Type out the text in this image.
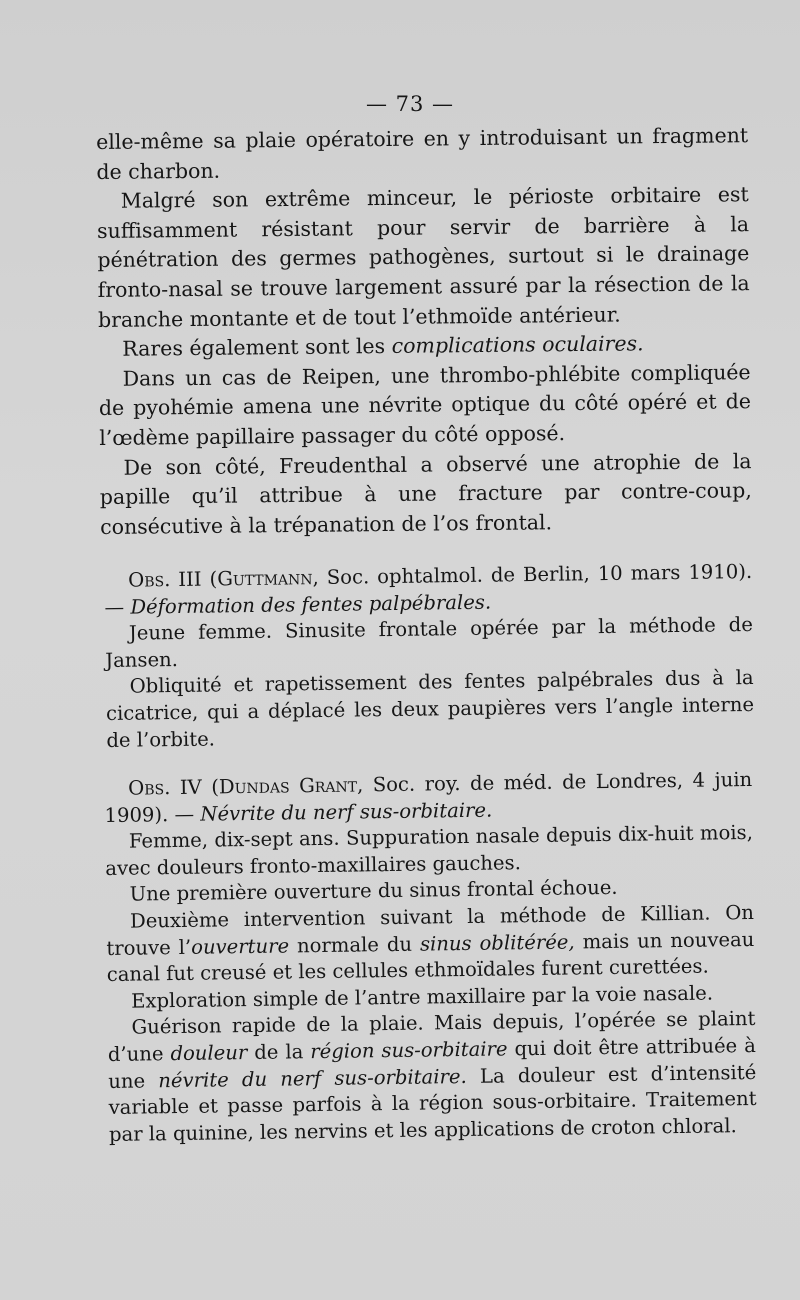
— 73 —

elle-même sa plaie opératoire en y introduisant un fragment de charbon.

Malgré son extrême minceur, le périoste orbitaire est suffisamment résistant pour servir de barrière à la pénétration des germes pathogènes, surtout si le drainage fronto-nasal se trouve largement assuré par la résection de la branche montante et de tout l’ethmoïde antérieur.

Rares également sont les complications oculaires.

Dans un cas de Reipen, une thrombo-phlébite compliquée de pyohémie amena une névrite optique du côté opéré et de l’œdème papillaire passager du côté opposé.

De son côté, Freudenthal a observé une atrophie de la papille qu’il attribue à une fracture par contre-coup, consécutive à la trépanation de l’os frontal.

Obs. III (Guttmann, Soc. ophtalmol. de Berlin, 10 mars 1910). — Déformation des fentes palpébrales.

Jeune femme. Sinusite frontale opérée par la méthode de Jansen.

Obliquité et rapetissement des fentes palpébrales dus à la cicatrice, qui a déplacé les deux paupières vers l’angle interne de l’orbite.

Obs. IV (Dundas Grant, Soc. roy. de méd. de Londres, 4 juin 1909). — Névrite du nerf sus-orbitaire.

Femme, dix-sept ans. Suppuration nasale depuis dix-huit mois, avec douleurs fronto-maxillaires gauches.

Une première ouverture du sinus frontal échoue.

Deuxième intervention suivant la méthode de Killian. On trouve l’ouverture normale du sinus oblitérée, mais un nouveau canal fut creusé et les cellules ethmoïdales furent curettées.

Exploration simple de l’antre maxillaire par la voie nasale.

Guérison rapide de la plaie. Mais depuis, l’opérée se plaint d’une douleur de la région sus-orbitaire qui doit être attribuée à une névrite du nerf sus-orbitaire. La douleur est d’intensité variable et passe parfois à la région sous-orbitaire. Traitement par la quinine, les nervins et les applications de croton chloral.
